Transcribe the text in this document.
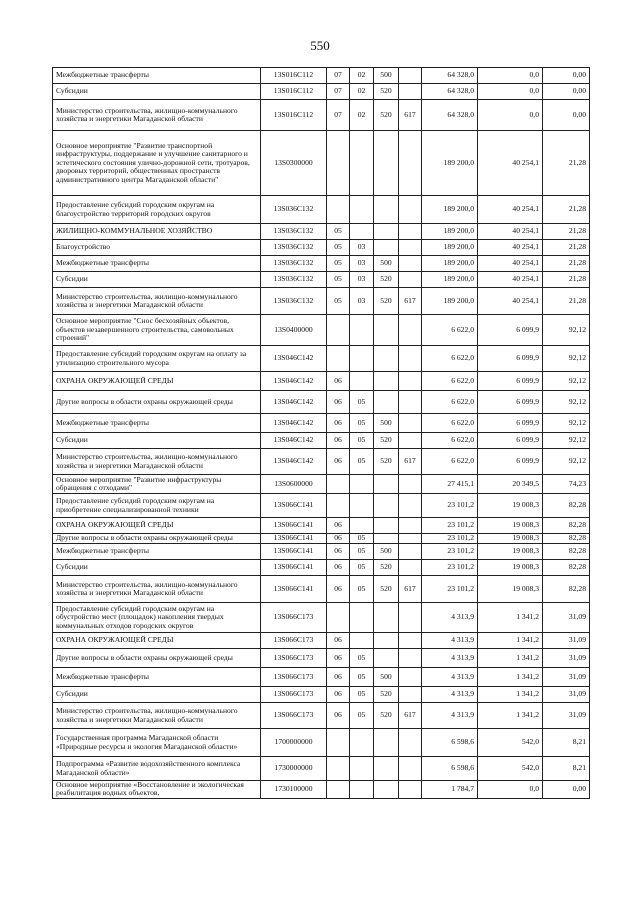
550
Межбюджетные трансферты	13S016C112	07	02	500		64 328,0	0,0	0,00
Субсидии	13S016C112	07	02	520		64 328,0	0,0	0,00
Министерство строительства, жилищно-коммунального хозяйства и энергетики Магаданской области	13S016C112	07	02	520	617	64 328,0	0,0	0,00
Основное мероприятие "Развитие транспортной инфраструктуры, поддержание и улучшение санитарного и эстетического состояния улично-дорожной сети, тротуаров, дворовых территорий, общественных пространств административного центра Магаданской области"	13S0300000					189 200,0	40 254,1	21,28
Предоставление субсидий городским округам на благоустройство территорий городских округов	13S036C132					189 200,0	40 254,1	21,28
ЖИЛИЩНО-КОММУНАЛЬНОЕ ХОЗЯЙСТВО	13S036C132	05				189 200,0	40 254,1	21,28
Благоустройство	13S036C132	05	03			189 200,0	40 254,1	21,28
Межбюджетные трансферты	13S036C132	05	03	500		189 200,0	40 254,1	21,28
Субсидии	13S036C132	05	03	520		189 200,0	40 254,1	21,28
Министерство строительства, жилищно-коммунального хозяйства и энергетики Магаданской области	13S036C132	05	03	520	617	189 200,0	40 254,1	21,28
Основное мероприятие "Снос бесхозяйных объектов, объектов незавершенного строительства, самовольных строений"	13S0400000					6 622,0	6 099,9	92,12
Предоставление субсидий городским округам на оплату за утилизацию строительного мусора	13S046C142					6 622,0	6 099,9	92,12
ОХРАНА ОКРУЖАЮЩЕЙ СРЕДЫ	13S046C142	06				6 622,0	6 099,9	92,12
Другие вопросы в области охраны окружающей среды	13S046C142	06	05			6 622,0	6 099,9	92,12
Межбюджетные трансферты	13S046C142	06	05	500		6 622,0	6 099,9	92,12
Субсидии	13S046C142	06	05	520		6 622,0	6 099,9	92,12
Министерство строительства, жилищно-коммунального хозяйства и энергетики Магаданской области	13S046C142	06	05	520	617	6 622,0	6 099,9	92,12
Основное мероприятие "Развитие инфраструктуры обращения с отходами"	13S0600000					27 415,1	20 349,5	74,23
Предоставление субсидий городским округам на приобретение специализированной техники	13S066C141					23 101,2	19 008,3	82,28
ОХРАНА ОКРУЖАЮЩЕЙ СРЕДЫ	13S066C141	06				23 101,2	19 008,3	82,28
Другие вопросы в области охраны окружающей среды	13S066C141	06	05			23 101,2	19 008,3	82,28
Межбюджетные трансферты	13S066C141	06	05	500		23 101,2	19 008,3	82,28
Субсидии	13S066C141	06	05	520		23 101,2	19 008,3	82,28
Министерство строительства, жилищно-коммунального хозяйства и энергетики Магаданской области	13S066C141	06	05	520	617	23 101,2	19 008,3	82,28
Предоставление субсидий городским округам на обустройство мест (площадок) накопления твердых коммунальных отходов городских округов	13S066C173					4 313,9	1 341,2	31,09
ОХРАНА ОКРУЖАЮЩЕЙ СРЕДЫ	13S066C173	06				4 313,9	1 341,2	31,09
Другие вопросы в области охраны окружающей среды	13S066C173	06	05			4 313,9	1 341,2	31,09
Межбюджетные трансферты	13S066C173	06	05	500		4 313,9	1 341,2	31,09
Субсидии	13S066C173	06	05	520		4 313,9	1 341,2	31,09
Министерство строительства, жилищно-коммунального хозяйства и энергетики Магаданской области	13S066C173	06	05	520	617	4 313,9	1 341,2	31,09
Государственная программа Магаданской области «Природные ресурсы и экология Магаданской области»	1700000000					6 598,6	542,0	8,21
Подпрограмма «Развитие водохозяйственного комплекса Магаданской области»	1730000000					6 598,6	542,0	8,21
Основное мероприятие «Восстановление и экологическая реабилитация водных объектов,	1730100000					1 784,7	0,0	0,00
